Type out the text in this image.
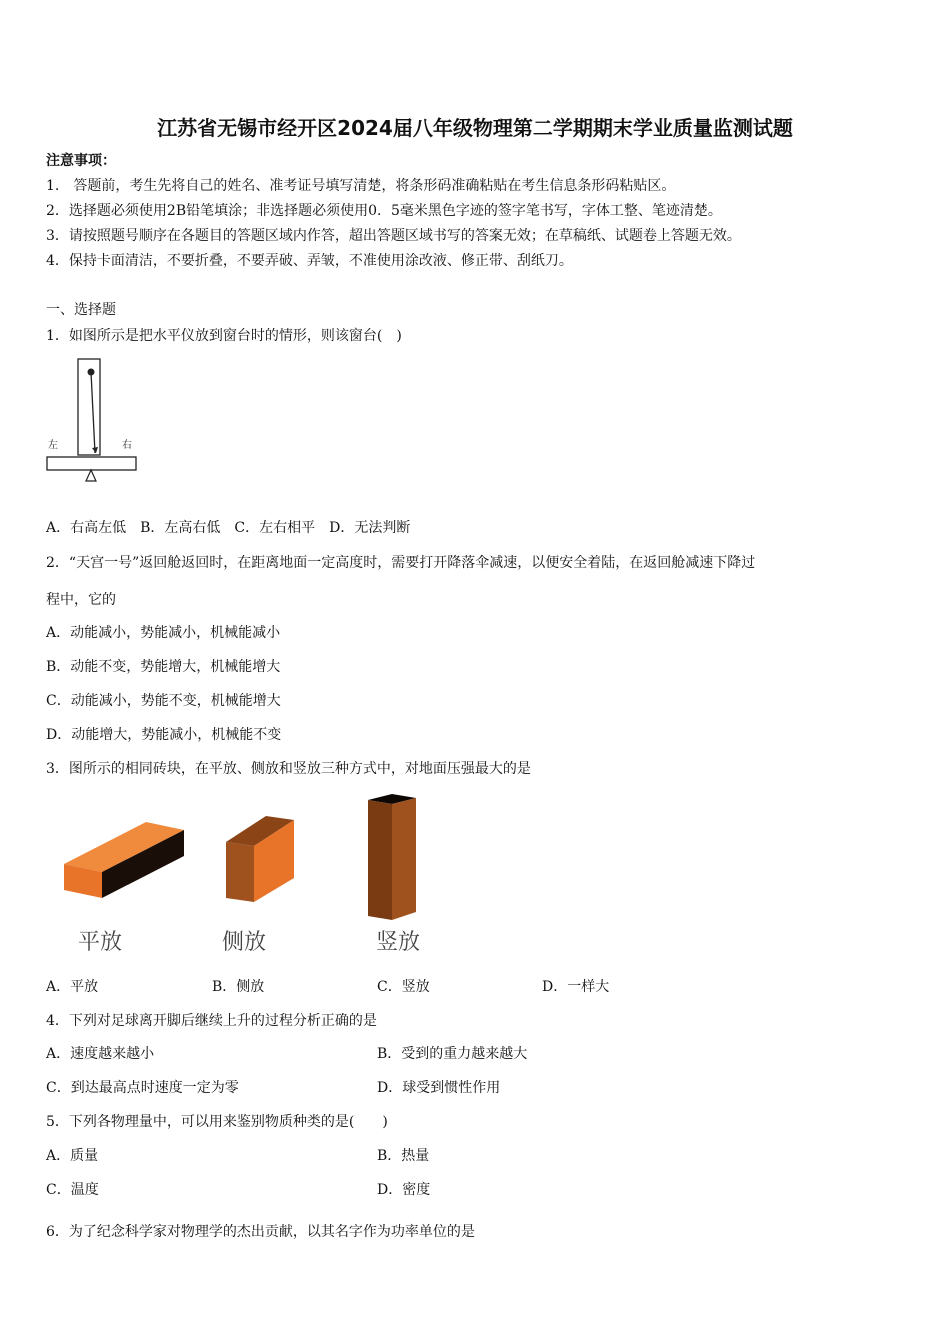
江苏省无锡市经开区2024届八年级物理第二学期期末学业质量监测试题
注意事项：
1.　答题前，考生先将自己的姓名、准考证号填写清楚，将条形码准确粘贴在考生信息条形码粘贴区。
2．选择题必须使用2B铅笔填涂；非选择题必须使用0．5毫米黑色字迹的签字笔书写，字体工整、笔迹清楚。
3．请按照题号顺序在各题目的答题区域内作答，超出答题区域书写的答案无效；在草稿纸、试题卷上答题无效。
4．保持卡面清洁，不要折叠，不要弄破、弄皱，不准使用涂改液、修正带、刮纸刀。
一、选择题
1．如图所示是把水平仪放到窗台时的情形，则该窗台(　)
左	右
A．右高左低　B．左高右低　C．左右相平　D．无法判断
2．“天宫一号”返回舱返回时，在距离地面一定高度时，需要打开降落伞减速，以便安全着陆，在返回舱减速下降过
程中，它的
A．动能减小，势能减小，机械能减小
B．动能不变，势能增大，机械能增大
C．动能减小，势能不变，机械能增大
D．动能增大，势能减小，机械能不变
3．图所示的相同砖块，在平放、侧放和竖放三种方式中，对地面压强最大的是
平放	侧放	竖放
A．平放	B．侧放	C．竖放	D．一样大
4．下列对足球离开脚后继续上升的过程分析正确的是
A．速度越来越小	B．受到的重力越来越大
C．到达最高点时速度一定为零	D．球受到惯性作用
5．下列各物理量中，可以用来鉴别物质种类的是(　　)
A．质量	B．热量
C．温度	D．密度
6．为了纪念科学家对物理学的杰出贡献，以其名字作为功率单位的是
